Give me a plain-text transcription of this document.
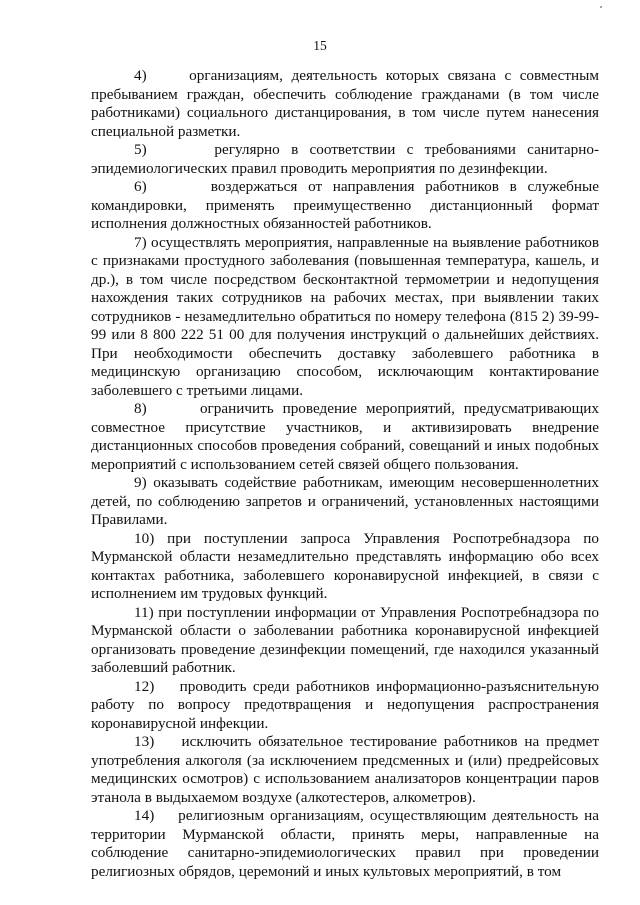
15

4)     организациям, деятельность которых связана с совместным пребыванием граждан, обеспечить соблюдение гражданами (в том числе работниками) социального дистанцирования, в том числе путем нанесения специальной разметки.

5)      регулярно в соответствии с требованиями санитарно-эпидемиологических правил проводить мероприятия по дезинфекции.

6)      воздержаться от направления работников в служебные командировки, применять преимущественно дистанционный формат исполнения должностных обязанностей работников.

7) осуществлять мероприятия, направленные на выявление работников с признаками простудного заболевания (повышенная температура, кашель, и др.), в том числе посредством бесконтактной термометрии и недопущения нахождения таких сотрудников на рабочих местах, при выявлении таких сотрудников - незамедлительно обратиться по номеру телефона (815 2) 39-99-99 или 8 800 222 51 00 для получения инструкций о дальнейших действиях. При необходимости обеспечить доставку заболевшего работника в медицинскую организацию способом, исключающим контактирование заболевшего с третьими лицами.

8)      ограничить проведение мероприятий, предусматривающих совместное присутствие участников, и активизировать внедрение дистанционных способов проведения собраний, совещаний и иных подобных мероприятий с использованием сетей связей общего пользования.

9) оказывать содействие работникам, имеющим несовершеннолетних детей, по соблюдению запретов и ограничений, установленных настоящими Правилами.

10) при поступлении запроса Управления Роспотребнадзора по Мурманской области незамедлительно представлять информацию обо всех контактах работника, заболевшего коронавирусной инфекцией, в связи с исполнением им трудовых функций.

11) при поступлении информации от Управления Роспотребнадзора по Мурманской области о заболевании работника коронавирусной инфекцией организовать проведение дезинфекции помещений, где находился указанный заболевший работник.

12)    проводить среди работников информационно-разъяснительную работу по вопросу предотвращения и недопущения распространения коронавирусной инфекции.

13)    исключить обязательное тестирование работников на предмет употребления алкоголя (за исключением предсменных и (или) предрейсовых медицинских осмотров) с использованием анализаторов концентрации паров этанола в выдыхаемом воздухе (алкотестеров, алкометров).

14)    религиозным организациям, осуществляющим деятельность на территории Мурманской области, принять меры, направленные на соблюдение санитарно-эпидемиологических правил при проведении религиозных обрядов, церемоний и иных культовых мероприятий, в том
